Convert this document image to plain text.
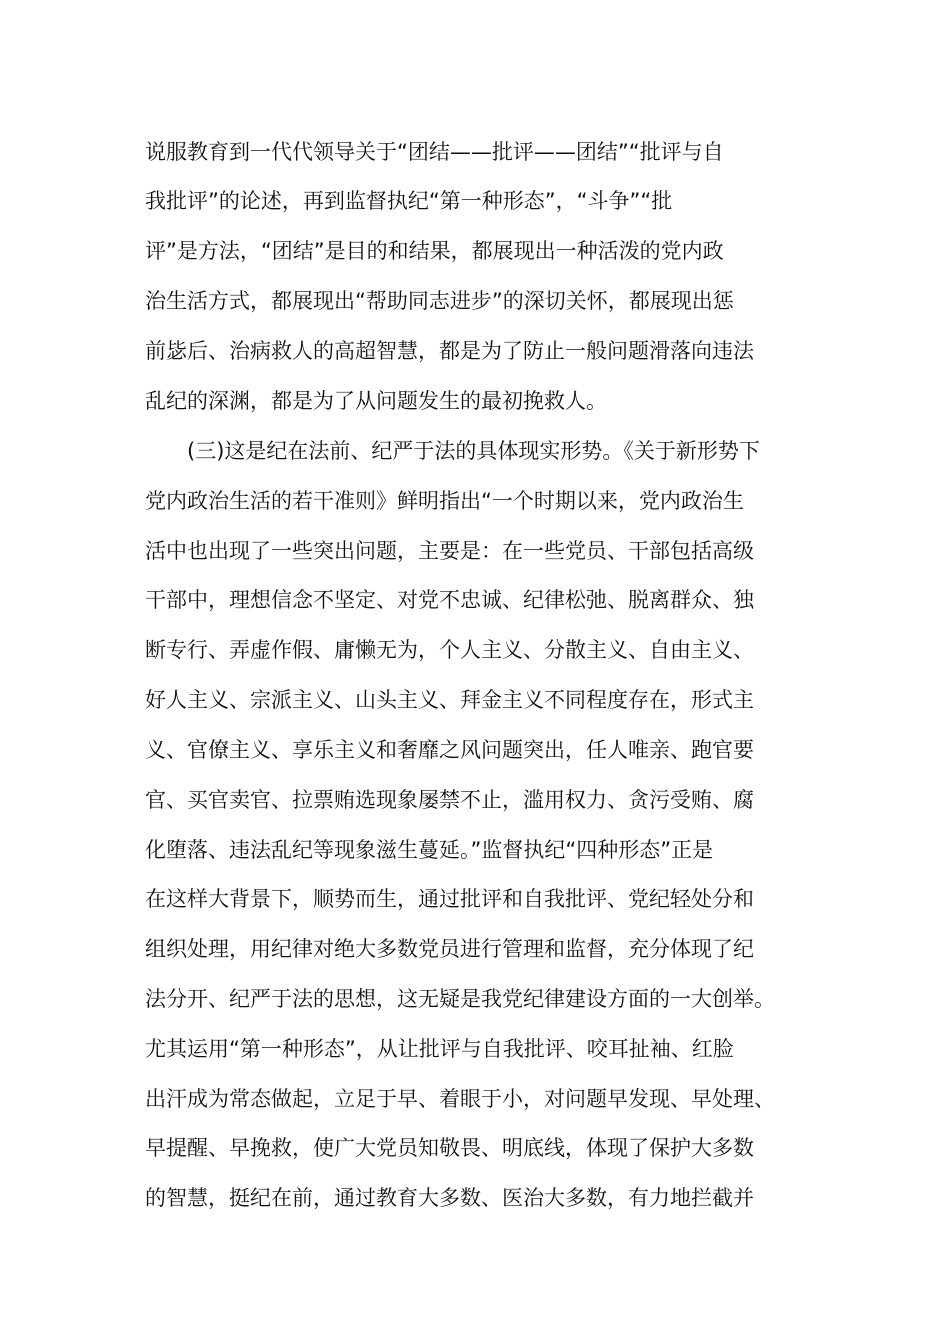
说服教育到一代代领导关于“团结——批评——团结”“批评与自
我批评”的论述，再到监督执纪“第一种形态”，“斗争”“批
评”是方法，“团结”是目的和结果，都展现出一种活泼的党内政
治生活方式，都展现出“帮助同志进步”的深切关怀，都展现出惩
前毖后、治病救人的高超智慧，都是为了防止一般问题滑落向违法
乱纪的深渊，都是为了从问题发生的最初挽救人。
(三)这是纪在法前、纪严于法的具体现实形势。《关于新形势下
党内政治生活的若干准则》鲜明指出“一个时期以来，党内政治生
活中也出现了一些突出问题，主要是：在一些党员、干部包括高级
干部中，理想信念不坚定、对党不忠诚、纪律松弛、脱离群众、独
断专行、弄虚作假、庸懒无为，个人主义、分散主义、自由主义、
好人主义、宗派主义、山头主义、拜金主义不同程度存在，形式主
义、官僚主义、享乐主义和奢靡之风问题突出，任人唯亲、跑官要
官、买官卖官、拉票贿选现象屡禁不止，滥用权力、贪污受贿、腐
化堕落、违法乱纪等现象滋生蔓延。”监督执纪“四种形态”正是
在这样大背景下，顺势而生，通过批评和自我批评、党纪轻处分和
组织处理，用纪律对绝大多数党员进行管理和监督，充分体现了纪
法分开、纪严于法的思想，这无疑是我党纪律建设方面的一大创举。
尤其运用“第一种形态”，从让批评与自我批评、咬耳扯袖、红脸
出汗成为常态做起，立足于早、着眼于小，对问题早发现、早处理、
早提醒、早挽救，使广大党员知敬畏、明底线，体现了保护大多数
的智慧，挺纪在前，通过教育大多数、医治大多数，有力地拦截并
